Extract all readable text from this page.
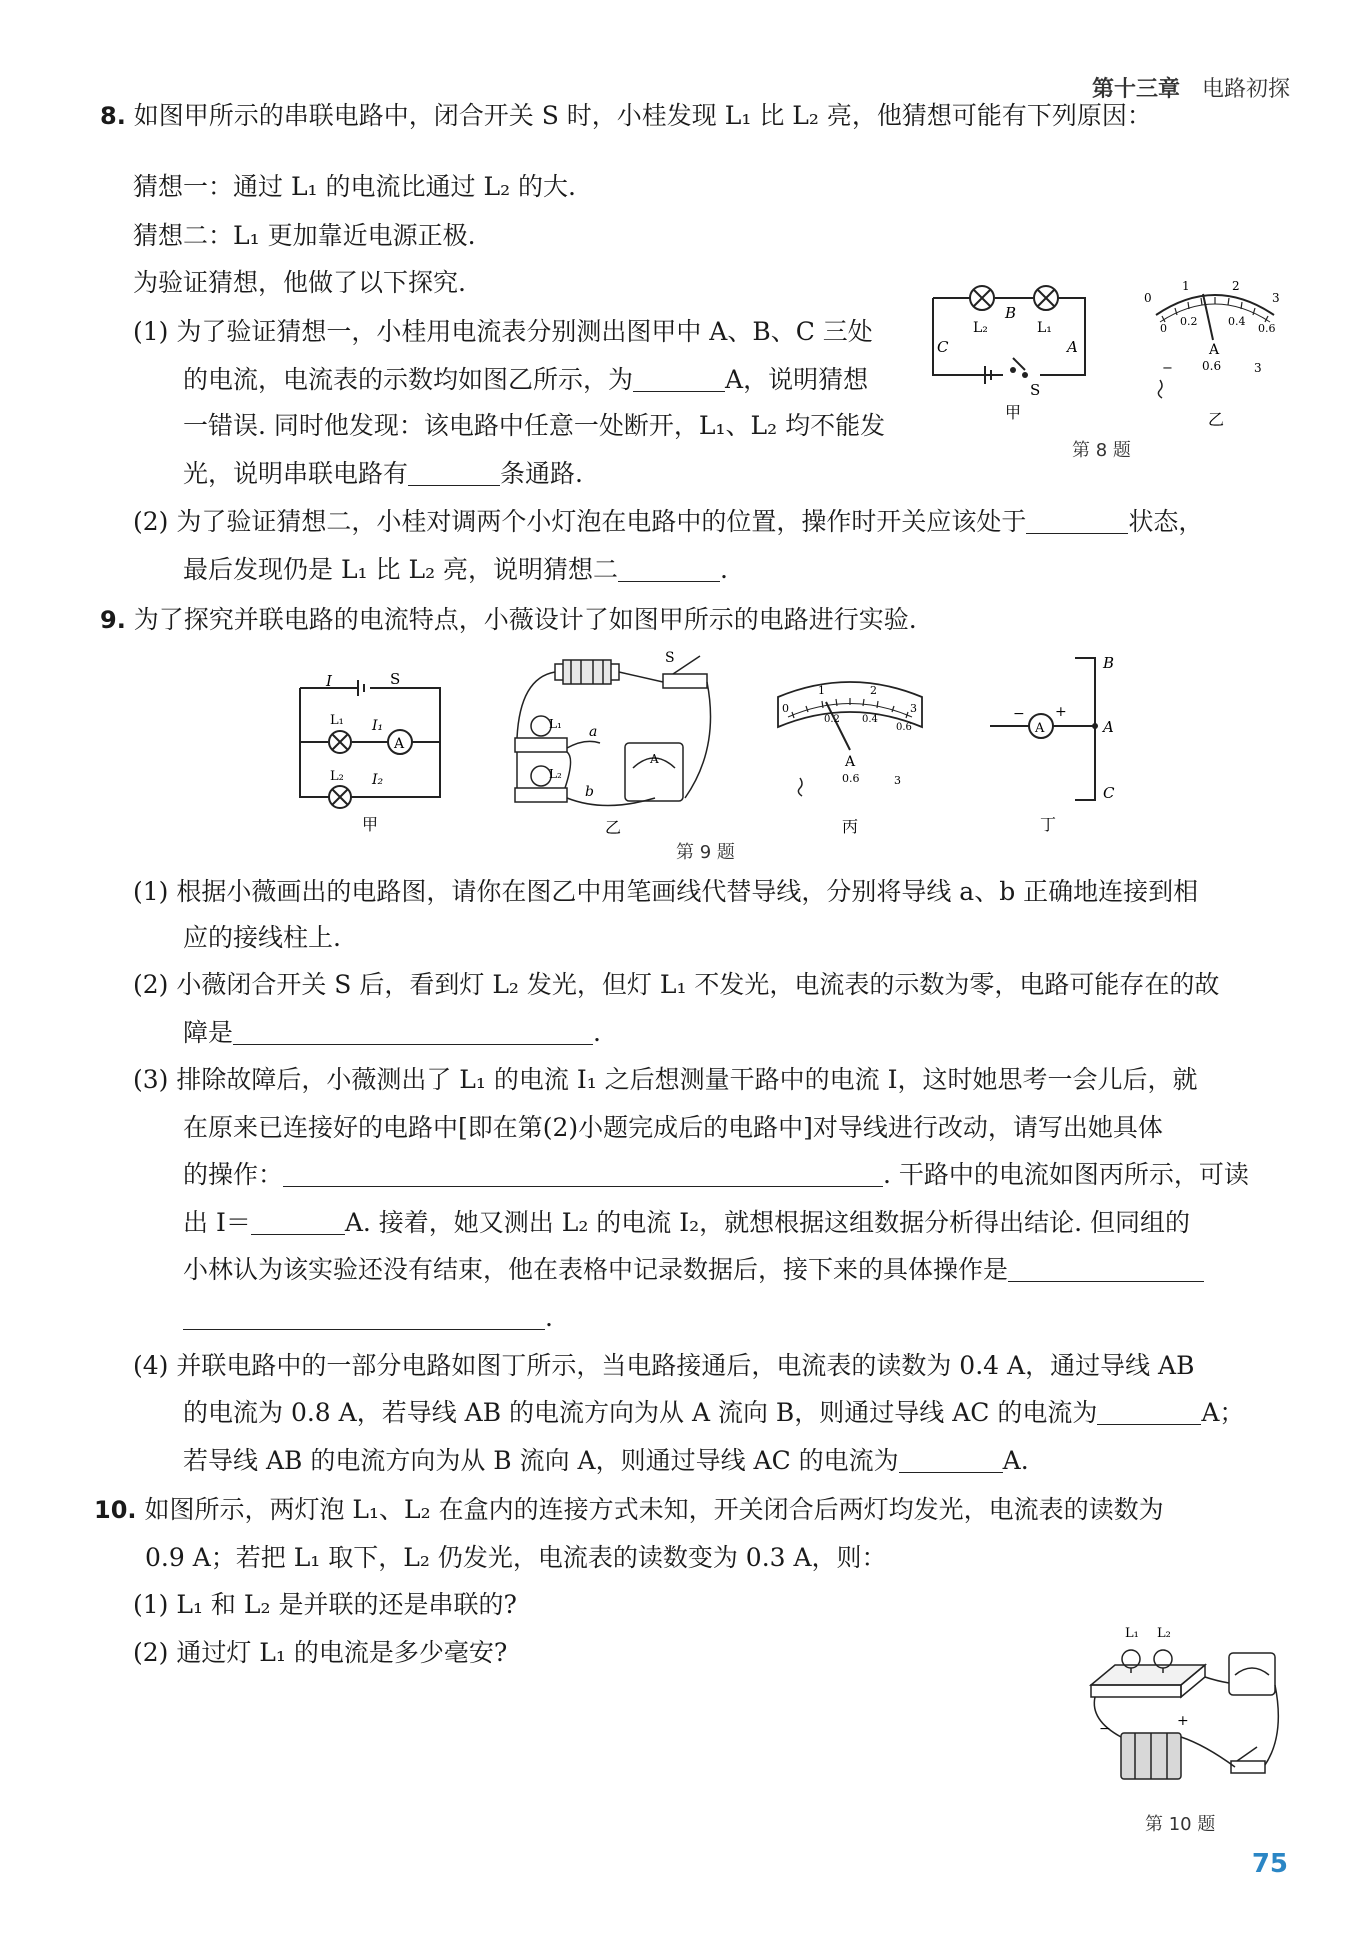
第十三章 电路初探
8. 如图甲所示的串联电路中，闭合开关 S 时，小桂发现 L₁ 比 L₂ 亮，他猜想可能有下列原因：
猜想一：通过 L₁ 的电流比通过 L₂ 的大.
猜想二：L₁ 更加靠近电源正极.
为验证猜想，他做了以下探究.
(1) 为了验证猜想一，小桂用电流表分别测出图甲中 A、B、C 三处
的电流，电流表的示数均如图乙所示，为	A，说明猜想
一错误. 同时他发现：该电路中任意一处断开，L₁、L₂ 均不能发
光，说明串联电路有	条通路.
(2) 为了验证猜想二，小桂对调两个小灯泡在电路中的位置，操作时开关应该处于	状态，
最后发现仍是 L₁ 比 L₂ 亮，说明猜想二	.
L₂	L₁
B
C	A
S
甲
0
1	2
3
0
0.2	0.4
0.6
A
− 0.6	3
乙
第 8 题
9. 为了探究并联电路的电流特点，小薇设计了如图甲所示的电路进行实验.
A
I	S
L₁ I₁
L₂ I₂
甲
L₁
L₂
A
S
a
b
乙
0
1	2
3
0.2 0.4
0.6
A
0.6	3
丙
A
− +
B
A
C
丁
第 9 题
(1) 根据小薇画出的电路图，请你在图乙中用笔画线代替导线，分别将导线 a、b 正确地连接到相
应的接线柱上.
(2) 小薇闭合开关 S 后，看到灯 L₂ 发光，但灯 L₁ 不发光，电流表的示数为零，电路可能存在的故
障是	.
(3) 排除故障后，小薇测出了 L₁ 的电流 I₁ 之后想测量干路中的电流 I，这时她思考一会儿后，就
在原来已连接好的电路中[即在第(2)小题完成后的电路中]对导线进行改动，请写出她具体
的操作：	. 干路中的电流如图丙所示，可读
出 I＝	A. 接着，她又测出 L₂ 的电流 I₂，就想根据这组数据分析得出结论. 但同组的
小林认为该实验还没有结束，他在表格中记录数据后，接下来的具体操作是
.
(4) 并联电路中的一部分电路如图丁所示，当电路接通后，电流表的读数为 0.4 A，通过导线 AB
的电流为 0.8 A，若导线 AB 的电流方向为从 A 流向 B，则通过导线 AC 的电流为	A；
若导线 AB 的电流方向为从 B 流向 A，则通过导线 AC 的电流为	A.
10. 如图所示，两灯泡 L₁、L₂ 在盒内的连接方式未知，开关闭合后两灯均发光，电流表的读数为
0.9 A；若把 L₁ 取下，L₂ 仍发光，电流表的读数变为 0.3 A，则：
(1) L₁ 和 L₂ 是并联的还是串联的?
(2) 通过灯 L₁ 的电流是多少毫安?
L₁ L₂
−	+
第 10 题
75
